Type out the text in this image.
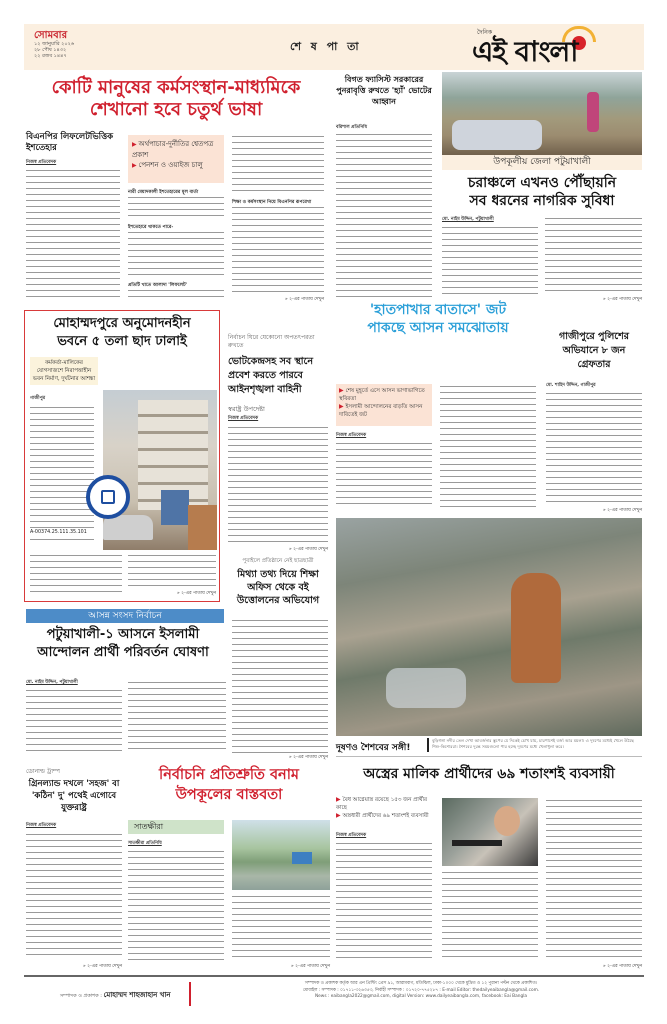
সোমবার
১২ জানুয়ারি ২০২৬
২৮ পৌষ ১৪৩২
২২ রজব ১৪৪৭
শে ষ পা তা
দৈনিক
এই বাংলা
কোটি মানুষের কর্মসংস্থান-মাধ্যমিকে
শেখানো হবে চতুর্থ ভাষা
বিএনপির লিফলেটভিত্তিক ইশতেহার
নিজস্ব প্রতিবেদক
▶ অর্থপাচার-দুর্নীতির শ্বেতপত্র প্রকাশ
▶ পেনশন ও ওয়াইজ চালু
নারী মেয়াদকালী ইশতেহারের মূল বার্তা
ইশতেহারে থাকতে পারে-
প্রতিটি খাতে আলাদা 'লিফলেট'
শিক্ষা ও কর্মসংস্থান নিয়ে বিএনপির রূপরেখা
» ২-এর পাতায় দেখুন
বিগত ফ্যাসিস্ট সরকারের পুনরাবৃত্তি রুখতে 'হ্যাঁ' ভোটের আহ্বান
বরিশাল প্রতিনিধি
উপকূলীয় জেলা পটুয়াখালী
চরাঞ্চলে এখনও পৌঁছায়নি
সব ধরনের নাগরিক সুবিধা
মো. নাইম উদ্দিন, পটুয়াখালী
» ২-এর পাতায় দেখুন
মোহাম্মদপুরে অনুমোদনহীন
ভবনে ৫ তলা ছাদ ঢালাই
কর্মকর্তা-মালিকের যোগসাজশে নিরাপত্তাহীন ভবন নির্মাণ, দুর্ঘটনার আশঙ্কা
গাজীপুর
A-00374.25.111.35.101
» ২-এর পাতায় দেখুন
নির্বাচন ঘিরে যেকোনো অপতৎপরতা রুখতে
ভোটকেন্দ্রসহ সব স্থানে প্রবেশ করতে পারবে আইনশৃঙ্খলা বাহিনী
স্বরাষ্ট্র উপদেষ্টা
নিজস্ব প্রতিবেদক
» ২-এর পাতায় দেখুন
পুবাইলে প্রতিষ্ঠানে নেই ছাত্রছাত্রী
মিথ্যা তথ্য দিয়ে শিক্ষা অফিস থেকে বই উত্তোলনের অভিযোগ
'হাতপাখার বাতাসে' জট
পাকছে আসন সমঝোতায়
▶ শেষ মুহূর্তে এসে আসন ভাগাভাগিতে স্থবিরতা
▶ ইসলামী আন্দোলনের বাড়তি আসন দাবিতেই জট
নিজস্ব প্রতিবেদক
গাজীপুরে পুলিশের অভিযানে ৮ জন গ্রেফতার
মো. শাহিদ উদ্দিন, গাজীপুর
» ২-এর পাতায় দেখুন
দূষণও শৈশবের সঙ্গী!
বুড়িগঙ্গা নদীর তেল দেখা আবর্জনার স্তূপের যে দিকেই চোখ যায়, চারপাশেই বর্জ্য আর ময়লা। এ দূষণের মধ্যেই খেলে উঠছে শিশু-কিশোররা। শৈশবের দুরন্ত সময়গুলো পার হচ্ছে দূষণের মধ্যে খেলাধুলা করে।
আসন্ন সংসদ নির্বাচন
পটুয়াখালী-১ আসনে ইসলামী
আন্দোলন প্রার্থী পরিবর্তন ঘোষণা
মো. নাইম উদ্দিন, পটুয়াখালী
» ২-এর পাতায় দেখুন
ডোনাল্ড ট্রাম্প
গ্রিনল্যান্ড দখলে 'সহজ' বা 'কঠিন' দু' পথেই এগোবে যুক্তরাষ্ট্র
নিজস্ব প্রতিবেদক
» ২-এর পাতায় দেখুন
নির্বাচনি প্রতিশ্রুতি বনাম
উপকূলের বাস্তবতা
সাতক্ষীরা
সাতক্ষীরা প্রতিনিধি
» ২-এর পাতায় দেখুন
অস্ত্রের মালিক প্রার্থীদের ৬৯ শতাংশই ব্যবসায়ী
▶ বৈধ আগ্নেয়াস্ত্র রয়েছে ১৫৩ জন প্রার্থীর কাছে
▶ অস্ত্রধারী প্রার্থীদের ৬৯ শতাংশই ব্যবসায়ী
নিজস্ব প্রতিবেদক
» ২-এর পাতায় দেখুন
সম্পাদক ও প্রকাশক : মোহাম্মদ শাহজাহান খান
সম্পাদক ও প্রকাশক কর্তৃক আর এন প্রিন্টিং প্রেস ৯১, আরামবাগ, মতিঝিল, ঢাকা-১০০০ থেকে মুদ্রিত ও ১২ পুরানা পল্টন থেকে প্রকাশিত।
মোবাইল : সম্পাদক : ০১৭১১-৩২৬৩৫৩, নির্বাহী সম্পাদক : ০১৭২০-৭৭৫২৮৭ : E-mail Editor: thedailyeaibangla@gmail.com.
News : eaibangla2022@gmail.com, digital Version: www.dailyeaibangla.com, facebook: Eai Bangla
